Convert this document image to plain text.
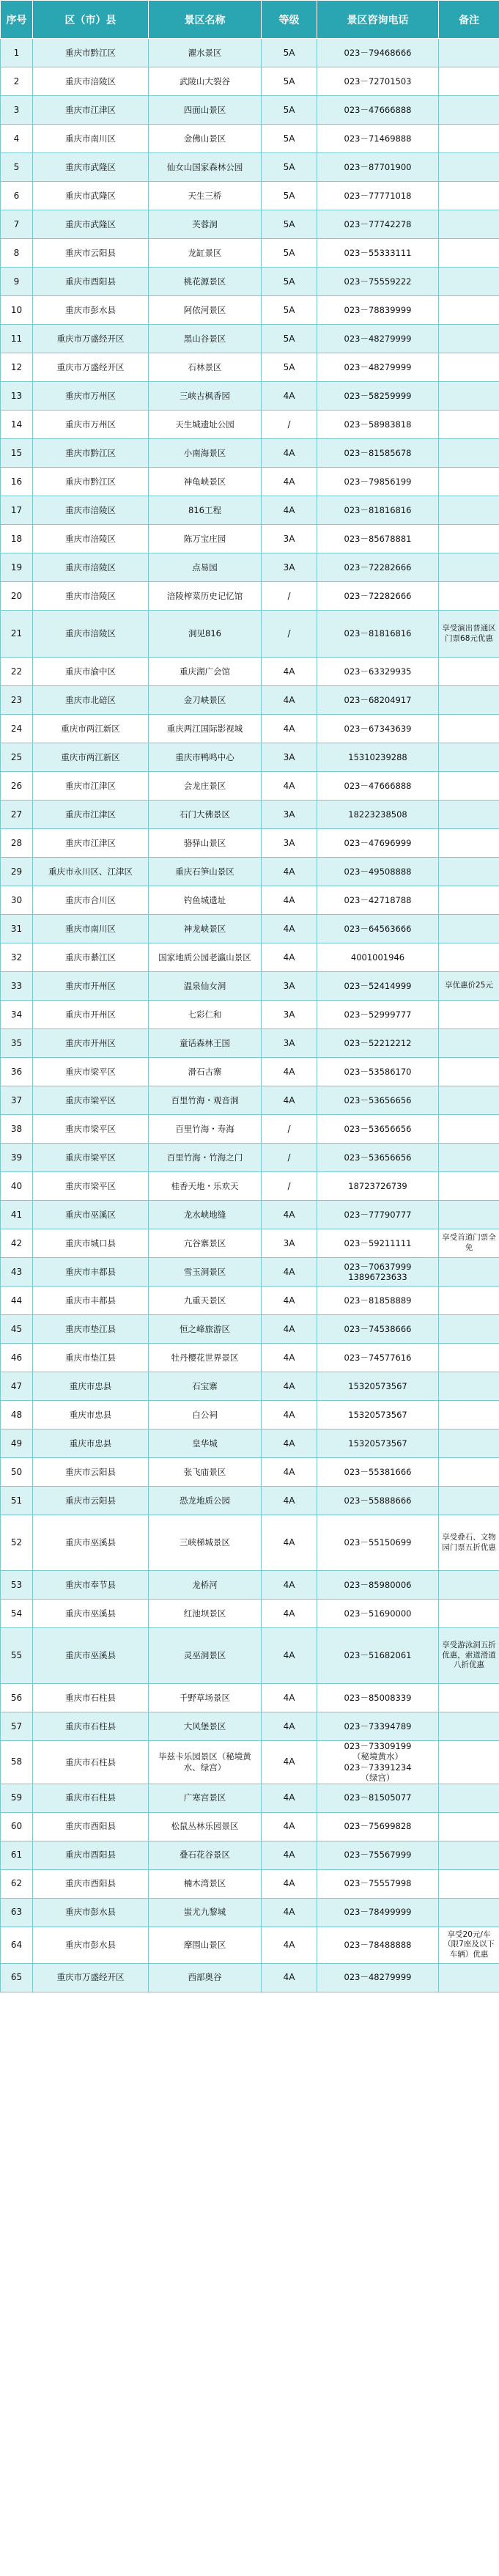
序号	区（市）县	景区名称	等级	景区咨询电话	备注
1	重庆市黔江区	濯水景区	5A	023－79468666	
2	重庆市涪陵区	武陵山大裂谷	5A	023－72701503	
3	重庆市江津区	四面山景区	5A	023－47666888	
4	重庆市南川区	金佛山景区	5A	023－71469888	
5	重庆市武隆区	仙女山国家森林公园	5A	023－87701900	
6	重庆市武隆区	天生三桥	5A	023－77771018	
7	重庆市武隆区	芙蓉洞	5A	023－77742278	
8	重庆市云阳县	龙缸景区	5A	023－55333111	
9	重庆市酉阳县	桃花源景区	5A	023－75559222	
10	重庆市彭水县	阿依河景区	5A	023－78839999	
11	重庆市万盛经开区	黑山谷景区	5A	023－48279999	
12	重庆市万盛经开区	石林景区	5A	023－48279999	
13	重庆市万州区	三峡古枫香园	4A	023－58259999	
14	重庆市万州区	天生城遗址公园	/	023－58983818	
15	重庆市黔江区	小南海景区	4A	023－81585678	
16	重庆市黔江区	神龟峡景区	4A	023－79856199	
17	重庆市涪陵区	816工程	4A	023－81816816	
18	重庆市涪陵区	陈万宝庄园	3A	023－85678881	
19	重庆市涪陵区	点易园	3A	023－72282666	
20	重庆市涪陵区	涪陵榨菜历史记忆馆	/	023－72282666	
21	重庆市涪陵区	洞见816	/	023－81816816	享受演出普通区门票68元优惠
22	重庆市渝中区	重庆湖广会馆	4A	023－63329935	
23	重庆市北碚区	金刀峡景区	4A	023－68204917	
24	重庆市两江新区	重庆两江国际影视城	4A	023－67343639	
25	重庆市两江新区	重庆市鸭鸣中心	3A	15310239288	
26	重庆市江津区	会龙庄景区	4A	023－47666888	
27	重庆市江津区	石门大佛景区	3A	18223238508	
28	重庆市江津区	骆驿山景区	3A	023－47696999	
29	重庆市永川区、江津区	重庆石笋山景区	4A	023－49508888	
30	重庆市合川区	钓鱼城遗址	4A	023－42718788	
31	重庆市南川区	神龙峡景区	4A	023－64563666	
32	重庆市綦江区	国家地质公园老瀛山景区	4A	4001001946	
33	重庆市开州区	温泉仙女洞	3A	023－52414999	享优惠价25元
34	重庆市开州区	七彩仁和	3A	023－52999777	
35	重庆市开州区	童话森林王国	3A	023－52212212	
36	重庆市梁平区	滑石古寨	4A	023－53586170	
37	重庆市梁平区	百里竹海・观音洞	4A	023－53656656	
38	重庆市梁平区	百里竹海・寿海	/	023－53656656	
39	重庆市梁平区	百里竹海・竹海之门	/	023－53656656	
40	重庆市梁平区	桂香天地・乐欢天	/	18723726739	
41	重庆市巫溪区	龙水峡地缝	4A	023－77790777	
42	重庆市城口县	亢谷寨景区	3A	023－59211111	享受首道门票全免
43	重庆市丰都县	雪玉洞景区	4A	023－70637999
13896723633	
44	重庆市丰都县	九重天景区	4A	023－81858889	
45	重庆市垫江县	恒之峰旅游区	4A	023－74538666	
46	重庆市垫江县	牡丹樱花世界景区	4A	023－74577616	
47	重庆市忠县	石宝寨	4A	15320573567	
48	重庆市忠县	白公祠	4A	15320573567	
49	重庆市忠县	皇华城	4A	15320573567	
50	重庆市云阳县	张飞庙景区	4A	023－55381666	
51	重庆市云阳县	恐龙地质公园	4A	023－55888666	
52	重庆市巫溪县	三峡梯城景区	4A	023－55150699	享受叠石、文物园门票五折优惠
53	重庆市奉节县	龙桥河	4A	023－85980006	
54	重庆市巫溪县	红池坝景区	4A	023－51690000	
55	重庆市巫溪县	灵巫洞景区	4A	023－51682061	享受游泳洞五折优惠，索道滑道八折优惠
56	重庆市石柱县	千野草场景区	4A	023－85008339	
57	重庆市石柱县	大风堡景区	4A	023－73394789	
58	重庆市石柱县	毕兹卡乐园景区（秘境黄水、绿宫）	4A	023－73309199
（秘境黄水）
023－73391234
（绿宫）	
59	重庆市石柱县	广寒宫景区	4A	023－81505077	
60	重庆市酉阳县	松鼠丛林乐园景区	4A	023－75699828	
61	重庆市酉阳县	叠石花谷景区	4A	023－75567999	
62	重庆市酉阳县	楠木湾景区	4A	023－75557998	
63	重庆市彭水县	蚩尤九黎城	4A	023－78499999	
64	重庆市彭水县	摩围山景区	4A	023－78488888	享受20元/车（限7座及以下车辆）优惠
65	重庆市万盛经开区	西部奥谷	4A	023－48279999	
